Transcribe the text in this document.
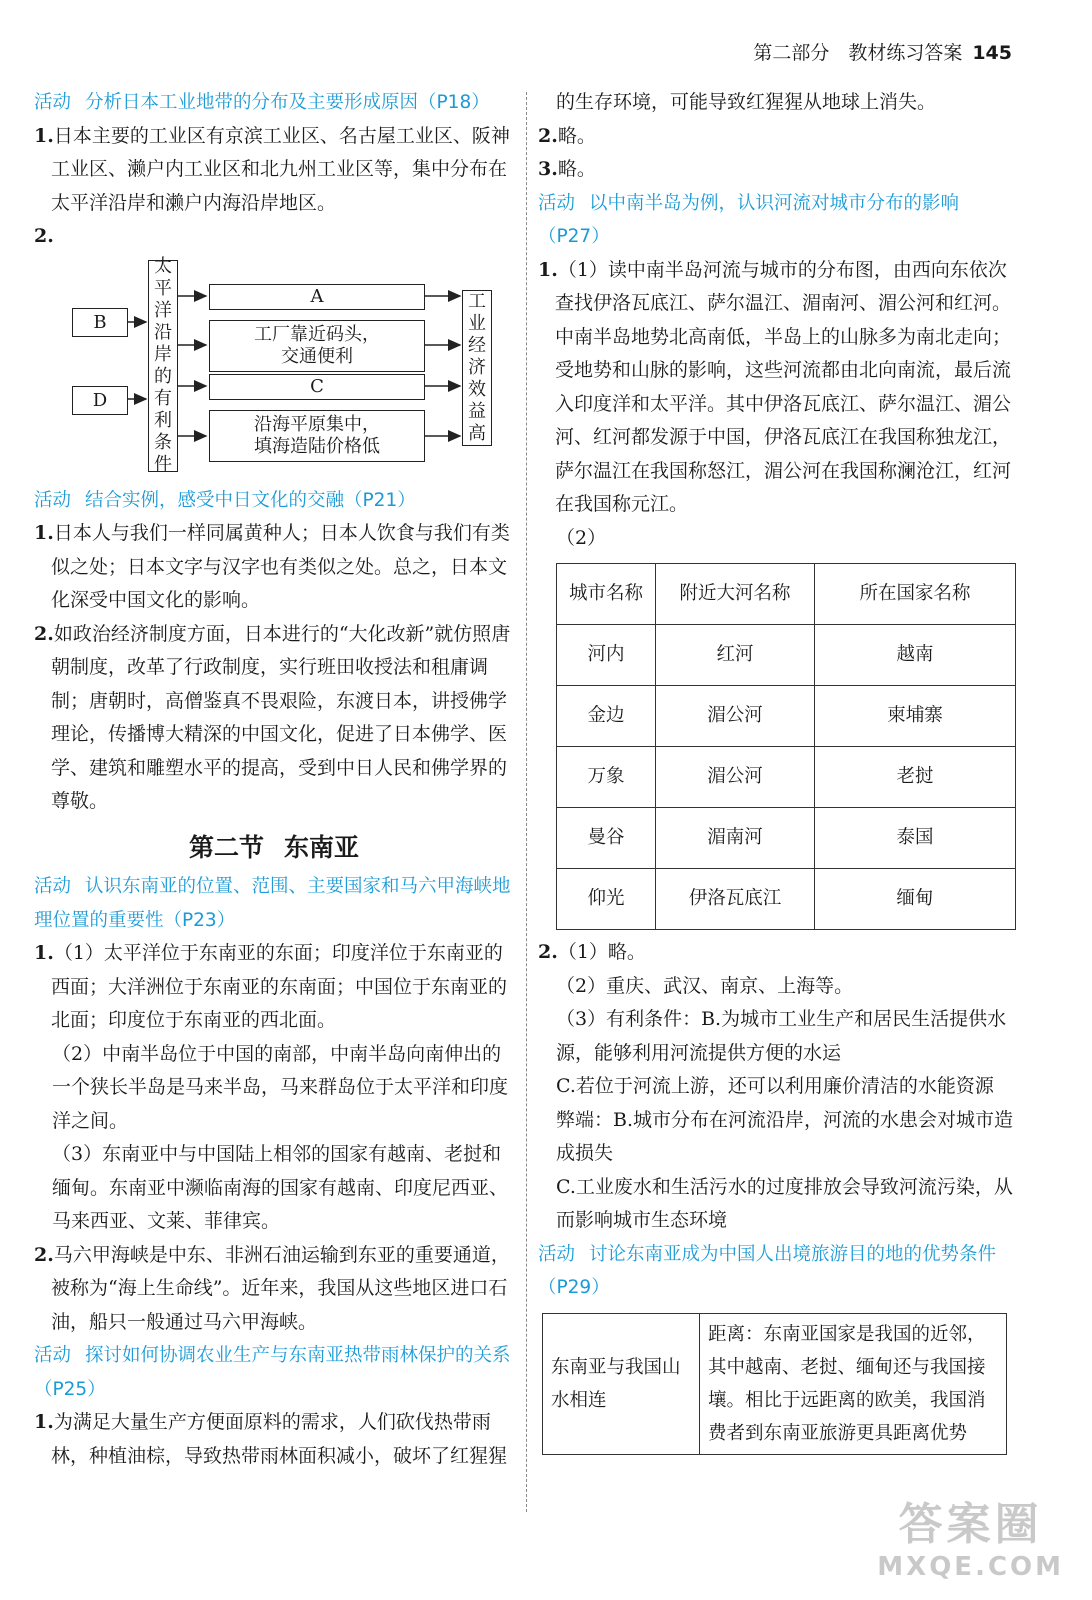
第二部分　教材练习答案 145
活动 分析日本工业地带的分布及主要形成原因（P18）
1.日本主要的工业区有京滨工业区、名古屋工业区、阪神工业区、濑户内工业区和北九州工业区等，集中分布在太平洋沿岸和濑户内海沿岸地区。
2.
B
D
太
平
洋
沿
岸
的
有
利
条
件
A
工厂靠近码头，
交通便利
C
沿海平原集中，
填海造陆价格低
工
业
经
济
效
益
高
活动 结合实例，感受中日文化的交融（P21）
1.日本人与我们一样同属黄种人；日本人饮食与我们有类似之处；日本文字与汉字也有类似之处。总之，日本文化深受中国文化的影响。
2.如政治经济制度方面，日本进行的“大化改新”就仿照唐朝制度，改革了行政制度，实行班田收授法和租庸调制；唐朝时，高僧鉴真不畏艰险，东渡日本，讲授佛学理论，传播博大精深的中国文化，促进了日本佛学、医学、建筑和雕塑水平的提高，受到中日人民和佛学界的尊敬。
第二节 东南亚
活动 认识东南亚的位置、范围、主要国家和马六甲海峡地理位置的重要性（P23）
1.（1）太平洋位于东南亚的东面；印度洋位于东南亚的西面；大洋洲位于东南亚的东南面；中国位于东南亚的北面；印度位于东南亚的西北面。
（2）中南半岛位于中国的南部，中南半岛向南伸出的一个狭长半岛是马来半岛，马来群岛位于太平洋和印度洋之间。
（3）东南亚中与中国陆上相邻的国家有越南、老挝和缅甸。东南亚中濒临南海的国家有越南、印度尼西亚、马来西亚、文莱、菲律宾。
2.马六甲海峡是中东、非洲石油运输到东亚的重要通道，被称为“海上生命线”。近年来，我国从这些地区进口石油，船只一般通过马六甲海峡。
活动 探讨如何协调农业生产与东南亚热带雨林保护的关系（P25）
1.为满足大量生产方便面原料的需求，人们砍伐热带雨林，种植油棕，导致热带雨林面积减小，破坏了红猩猩
的生存环境，可能导致红猩猩从地球上消失。
2.略。
3.略。
活动 以中南半岛为例，认识河流对城市分布的影响（P27）
1.（1）读中南半岛河流与城市的分布图，由西向东依次查找伊洛瓦底江、萨尔温江、湄南河、湄公河和红河。中南半岛地势北高南低，半岛上的山脉多为南北走向；受地势和山脉的影响，这些河流都由北向南流，最后流入印度洋和太平洋。其中伊洛瓦底江、萨尔温江、湄公河、红河都发源于中国，伊洛瓦底江在我国称独龙江，萨尔温江在我国称怒江，湄公河在我国称澜沧江，红河在我国称元江。
（2）
城市名称	附近大河名称	所在国家名称
河内	红河	越南
金边	湄公河	柬埔寨
万象	湄公河	老挝
曼谷	湄南河	泰国
仰光	伊洛瓦底江	缅甸
2.（1）略。
（2）重庆、武汉、南京、上海等。
（3）有利条件：B.为城市工业生产和居民生活提供水源，能够利用河流提供方便的水运
C.若位于河流上游，还可以利用廉价清洁的水能资源
弊端：B.城市分布在河流沿岸，河流的水患会对城市造成损失
C.工业废水和生活污水的过度排放会导致河流污染，从而影响城市生态环境
活动 讨论东南亚成为中国人出境旅游目的地的优势条件（P29）
东南亚与我国山水相连	距离：东南亚国家是我国的近邻，其中越南、老挝、缅甸还与我国接壤。相比于远距离的欧美，我国消费者到东南亚旅游更具距离优势
答案圈
MXQE.COM
